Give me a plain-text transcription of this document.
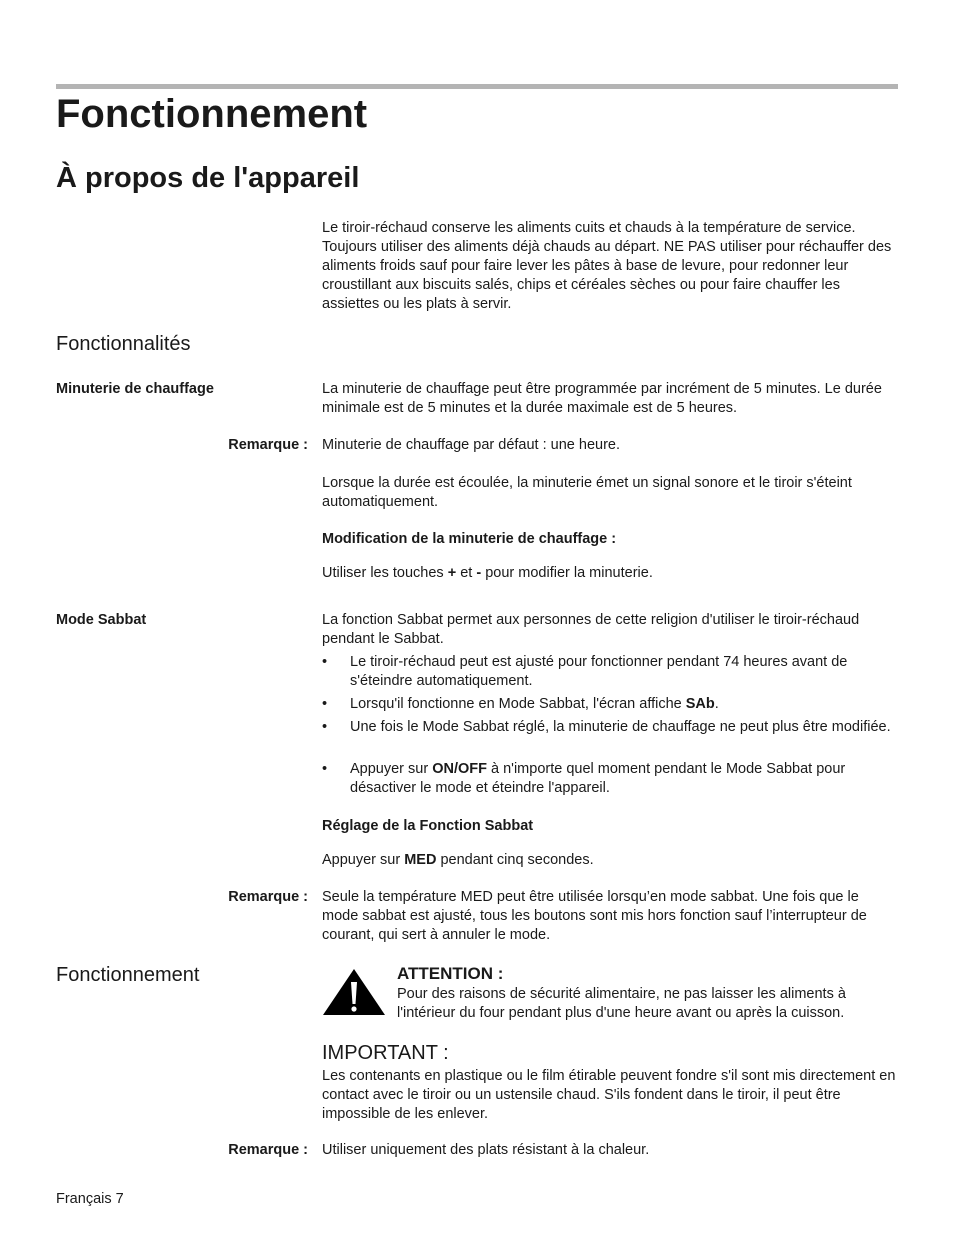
Fonctionnement
À propos de l'appareil
Le tiroir-réchaud conserve les aliments cuits et chauds à la température de service. Toujours utiliser des aliments déjà chauds au départ. NE PAS utiliser pour réchauffer des aliments froids sauf pour faire lever les pâtes à base de levure, pour redonner leur croustillant aux biscuits salés, chips et céréales sèches ou pour faire chauffer les assiettes ou les plats à servir.
Fonctionnalités
Minuterie de chauffage	La minuterie de chauffage peut être programmée par incrément de 5 minutes. Le durée minimale est de 5 minutes et la durée maximale est de 5 heures.
Remarque : Minuterie de chauffage par défaut : une heure.
Lorsque la durée est écoulée, la minuterie émet un signal sonore et le tiroir s'éteint automatiquement.
Modification de la minuterie de chauffage :
Utiliser les touches + et - pour modifier la minuterie.
Mode Sabbat	La fonction Sabbat permet aux personnes de cette religion d'utiliser le tiroir-réchaud pendant le Sabbat.
• Le tiroir-réchaud peut est ajusté pour fonctionner pendant 74 heures avant de s'éteindre automatiquement.
• Lorsqu'il fonctionne en Mode Sabbat, l'écran affiche SAb.
• Une fois le Mode Sabbat réglé, la minuterie de chauffage ne peut plus être modifiée.
• Appuyer sur ON/OFF à n'importe quel moment pendant le Mode Sabbat pour désactiver le mode et éteindre l'appareil.
Réglage de la Fonction Sabbat
Appuyer sur MED pendant cinq secondes.
Remarque : Seule la température MED peut être utilisée lorsqu’en mode sabbat. Une fois que le mode sabbat est ajusté, tous les boutons sont mis hors fonction sauf l’interrupteur de courant, qui sert à annuler le mode.
Fonctionnement	ATTENTION :
Pour des raisons de sécurité alimentaire, ne pas laisser les aliments à l'intérieur du four pendant plus d'une heure avant ou après la cuisson.
IMPORTANT :
Les contenants en plastique ou le film étirable peuvent fondre s'il sont mis directement en contact avec le tiroir ou un ustensile chaud. S'ils fondent dans le tiroir, il peut être impossible de les enlever.
Remarque : Utiliser uniquement des plats résistant à la chaleur.
Français 7
